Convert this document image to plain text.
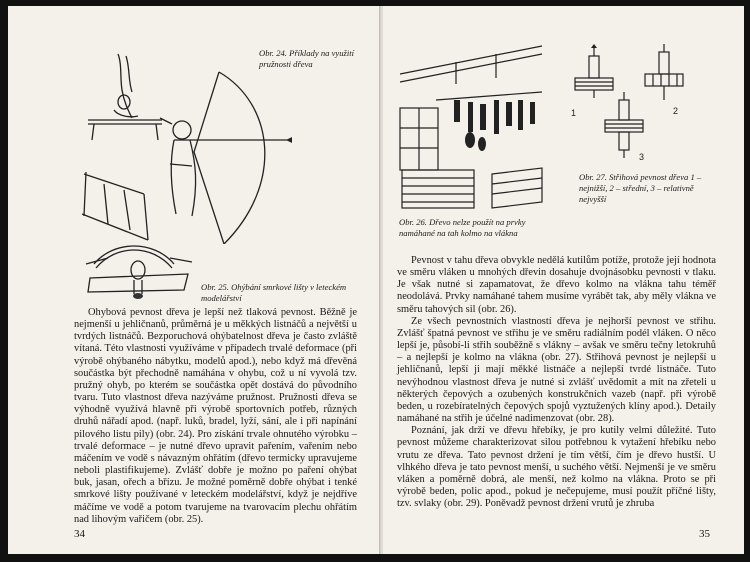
Obr. 24. Příklady na využití pružnosti dřeva
Obr. 25. Ohýbání smrkové lišty v leteckém modelářství

Ohybová pevnost dřeva je lepší než tlaková pevnost. Běžně je nejmenší u jehličnanů, průměrná je u měkkých listnáčů a největší u tvrdých listnáčů. Bezporuchová ohýbatelnost dřeva je často zvláště vítaná. Této vlastnosti využíváme v případech trvalé deformace (při výrobě ohýbaného nábytku, modelů apod.), nebo když má dřevěná součástka být přechodně namáhána v ohybu, což u ní vyvolá tzv. pružný ohyb, po kterém se součástka opět dostává do původního tvaru. Tuto vlastnost dřeva nazýváme pružnost. Pružnosti dřeva se výhodně využívá hlavně při výrobě sportovních potřeb, různých druhů nářadí apod. (např. luků, bradel, lyží, sání, ale i při napínání pilového listu pily) (obr. 24). Pro získání trvale ohnutého výrobku – trvalé deformace – je nutné dřevo upravit pařením, vařením nebo máčením ve vodě s návazným ohřátím (dřevo termicky upravujeme neboli plastifikujeme). Zvlášť dobře je možno po paření ohýbat buk, jasan, ořech a břízu. Je možné poměrně dobře ohýbat i tenké smrkové lišty používané v leteckém modelářství, když je nejdříve máčíme ve vodě a potom tvarujeme na tvarovacím plechu ohřátím nad lihovým vařičem (obr. 25).

34
Obr. 26. Dřevo nelze použít na prvky namáhané na tah kolmo na vlákna
1	2
3
Obr. 27. Střihová pevnost dřeva 1 – nejnižší, 2 – střední, 3 – relativně nejvyšší

Pevnost v tahu dřeva obvykle nedělá kutilům potíže, protože její hodnota ve směru vláken u mnohých dřevin dosahuje dvojnásobku pevnosti v tlaku. Je však nutné si zapamatovat, že dřevo kolmo na vlákna tahu téměř neodolává. Prvky namáhané tahem musíme vyrábět tak, aby měly vlákna ve směru tahových sil (obr. 26).

Ze všech pevnostních vlastností dřeva je nejhorší pevnost ve střihu. Zvlášť špatná pevnost ve střihu je ve směru radiálním podél vláken. O něco lepší je, působí-li střih souběžně s vlákny – avšak ve směru tečny letokruhů – a nejlepší je kolmo na vlákna (obr. 27). Střihová pevnost je nejlepší u jehličnanů, lepší ji mají měkké listnáče a nejlepší tvrdé listnáče. Tuto nevýhodnou vlastnost dřeva je nutné si zvlášť uvědomit a mít na zřeteli u některých čepových a ozubených konstrukčních vazeb (např. při výrobě beden, u rozebíratelných čepových spojů vyztužených klíny apod.). Detaily namáhané na střih je účelné nadimenzovat (obr. 28).

Poznání, jak drží ve dřevu hřebíky, je pro kutily velmi důležité. Tuto pevnost můžeme charakterizovat silou potřebnou k vytažení hřebíku nebo vrutu ze dřeva. Tato pevnost držení je tím větší, čím je dřevo hustší. U vlhkého dřeva je tato pevnost menší, u suchého větší. Nejmenší je ve směru vláken a poměrně dobrá, ale menší, než kolmo na vlákna. Proto se při výrobě beden, polic apod., pokud je nečepujeme, musí použít příčné lišty, tzv. svlaky (obr. 29). Poněvadž pevnost držení vrutů je zhruba

35
